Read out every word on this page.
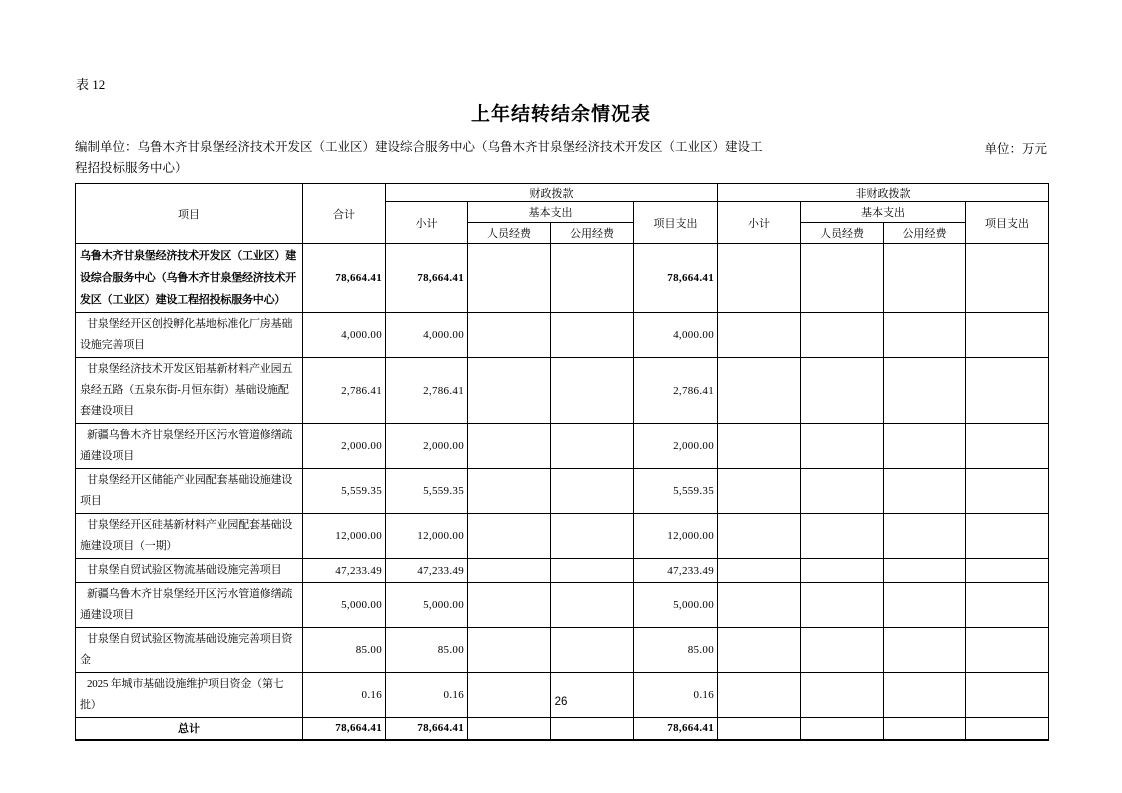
表 12
上年结转结余情况表
编制单位：乌鲁木齐甘泉堡经济技术开发区（工业区）建设综合服务中心（乌鲁木齐甘泉堡经济技术开发区（工业区）建设工程招投标服务中心）
单位：万元
项目	合计	财政拨款				非财政拨款			
		小计	基本支出		项目支出	小计	基本支出		项目支出
			人员经费	公用经费			人员经费	公用经费	
乌鲁木齐甘泉堡经济技术开发区（工业区）建设综合服务中心（乌鲁木齐甘泉堡经济技术开发区（工业区）建设工程招投标服务中心）	78,664.41	78,664.41			78,664.41				
甘泉堡经开区创投孵化基地标准化厂房基础设施完善项目	4,000.00	4,000.00			4,000.00				
甘泉堡经济技术开发区铝基新材料产业园五泉经五路（五泉东街-月恒东街）基础设施配套建设项目	2,786.41	2,786.41			2,786.41				
新疆乌鲁木齐甘泉堡经开区污水管道修缮疏通建设项目	2,000.00	2,000.00			2,000.00				
甘泉堡经开区储能产业园配套基础设施建设项目	5,559.35	5,559.35			5,559.35				
甘泉堡经开区硅基新材料产业园配套基础设施建设项目（一期）	12,000.00	12,000.00			12,000.00				
甘泉堡自贸试验区物流基础设施完善项目	47,233.49	47,233.49			47,233.49				
新疆乌鲁木齐甘泉堡经开区污水管道修缮疏通建设项目	5,000.00	5,000.00			5,000.00				
甘泉堡自贸试验区物流基础设施完善项目资金	85.00	85.00			85.00				
2025 年城市基础设施维护项目资金（第七批）	0.16	0.16			0.16				
总计	78,664.41	78,664.41			78,664.41				
26
